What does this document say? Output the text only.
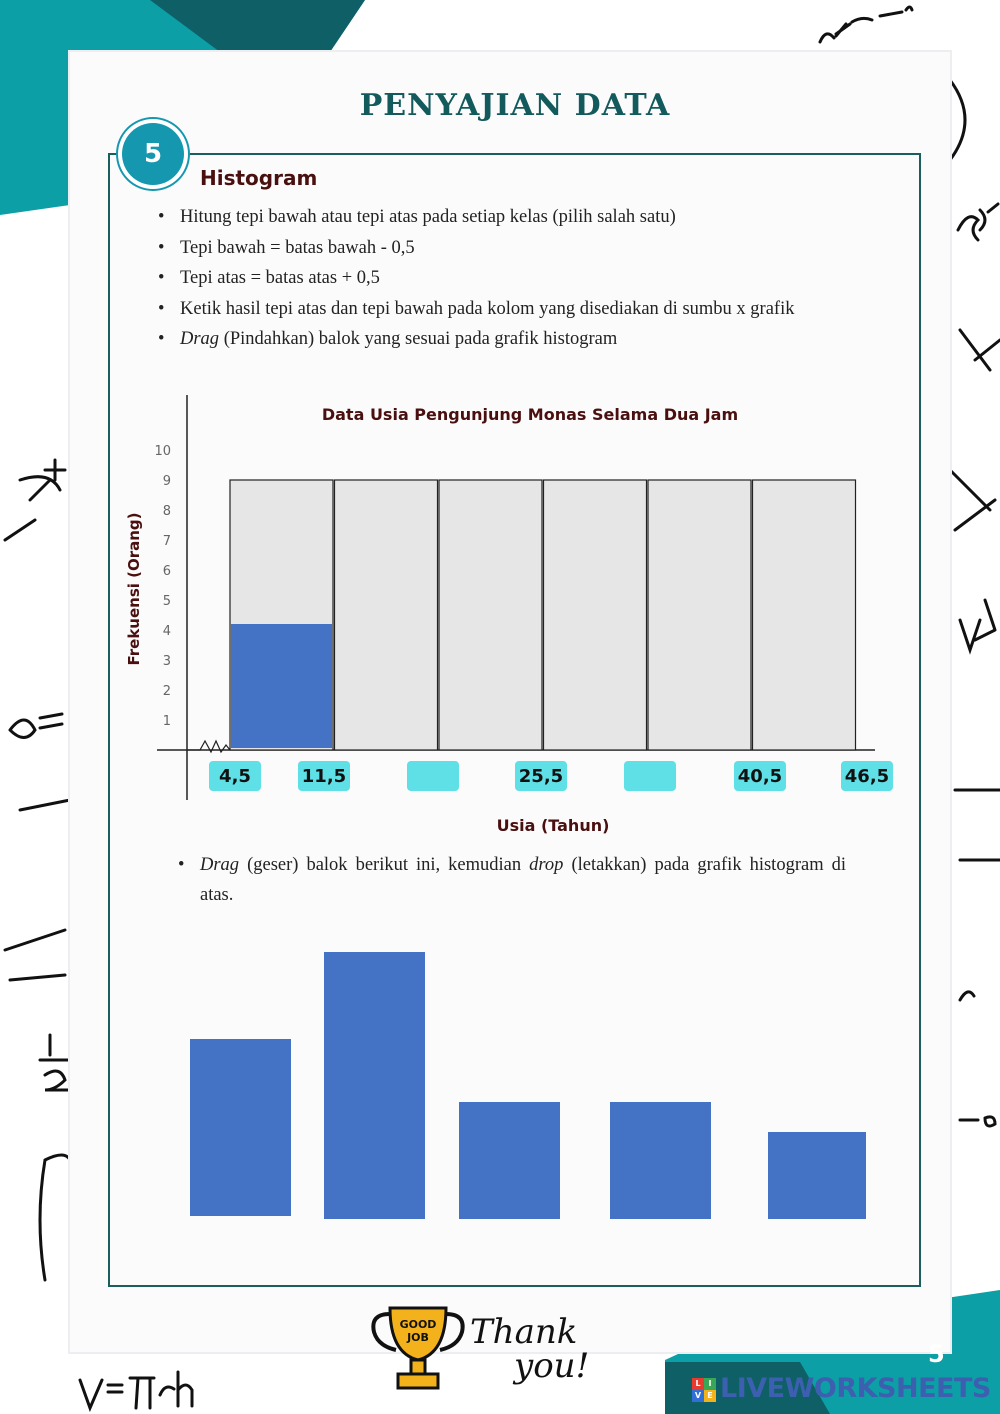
PENYAJIAN DATA
5
Histogram
• Hitung tepi bawah atau tepi atas pada setiap kelas (pilih salah satu)
• Tepi bawah = batas bawah - 0,5
• Tepi atas = batas atas + 0,5
• Ketik hasil tepi atas dan tepi bawah pada kolom yang disediakan di sumbu x grafik
• Drag (Pindahkan) balok yang sesuai pada grafik histogram
Data Usia Pengunjung Monas Selama Dua Jam
Frekuensi (Orang)
1
2
3
4
5
6
7
8
9
10
4,5	11,5	25,5	40,5	46,5
Usia (Tahun)
• Drag (geser) balok berikut ini, kemudian drop (letakkan) pada grafik histogram di atas.
GOOD
JOB Thank
you!	5
L I
V E LIVEWORKSHEETS
